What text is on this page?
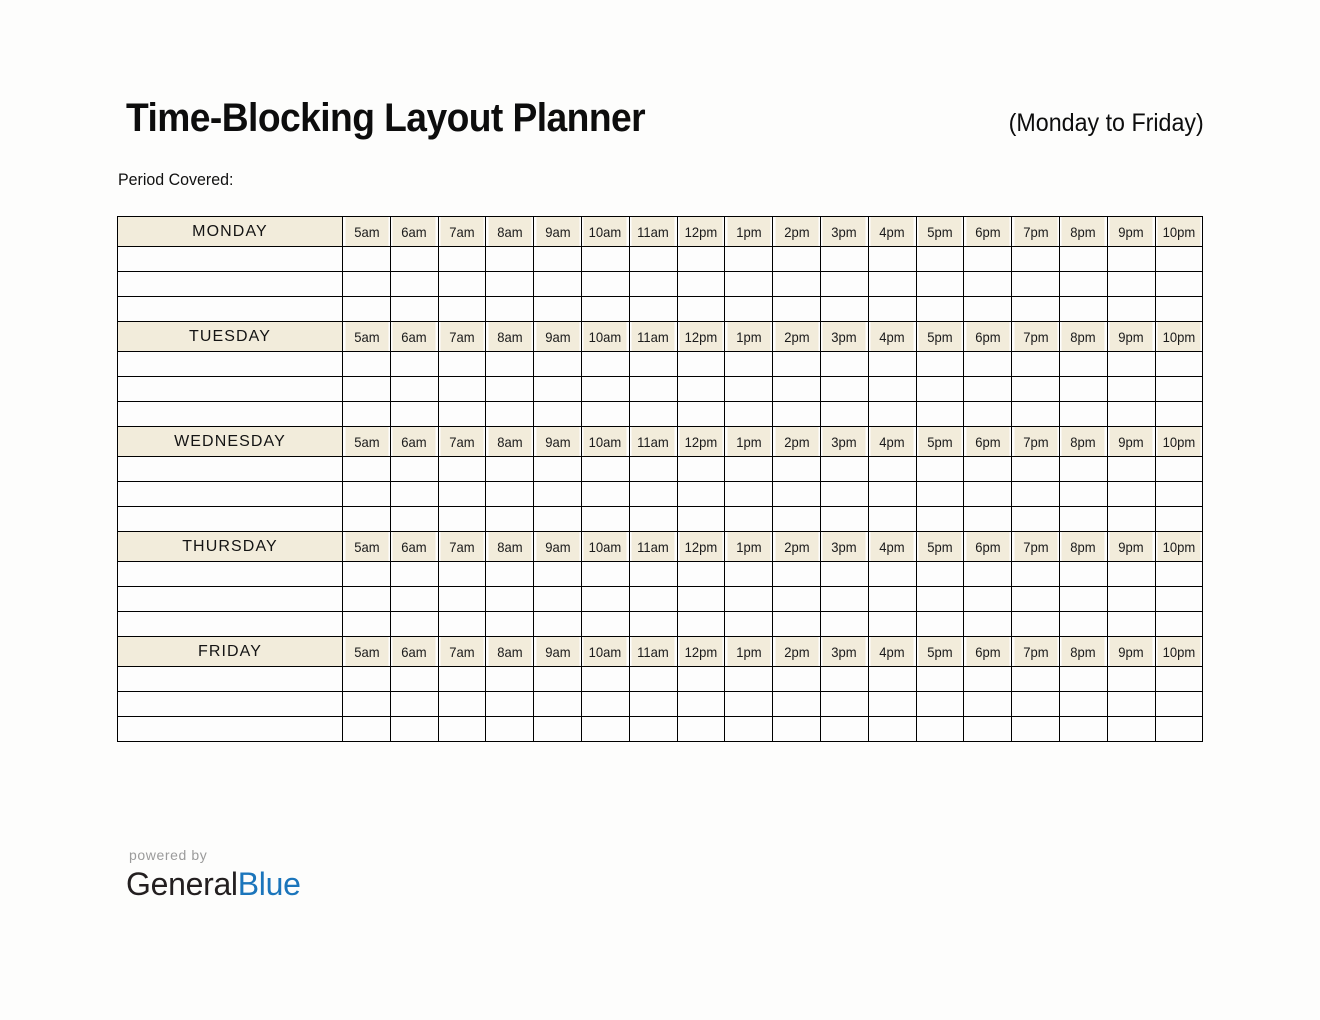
Time-Blocking Layout Planner	(Monday to Friday)
Period Covered:
MONDAY	5am	6am	7am	8am	9am	10am	11am	12pm	1pm	2pm	3pm	4pm	5pm	6pm	7pm	8pm	9pm	10pm

TUESDAY	5am	6am	7am	8am	9am	10am	11am	12pm	1pm	2pm	3pm	4pm	5pm	6pm	7pm	8pm	9pm	10pm

WEDNESDAY	5am	6am	7am	8am	9am	10am	11am	12pm	1pm	2pm	3pm	4pm	5pm	6pm	7pm	8pm	9pm	10pm

THURSDAY	5am	6am	7am	8am	9am	10am	11am	12pm	1pm	2pm	3pm	4pm	5pm	6pm	7pm	8pm	9pm	10pm

FRIDAY	5am	6am	7am	8am	9am	10am	11am	12pm	1pm	2pm	3pm	4pm	5pm	6pm	7pm	8pm	9pm	10pm

powered by
GeneralBlue
